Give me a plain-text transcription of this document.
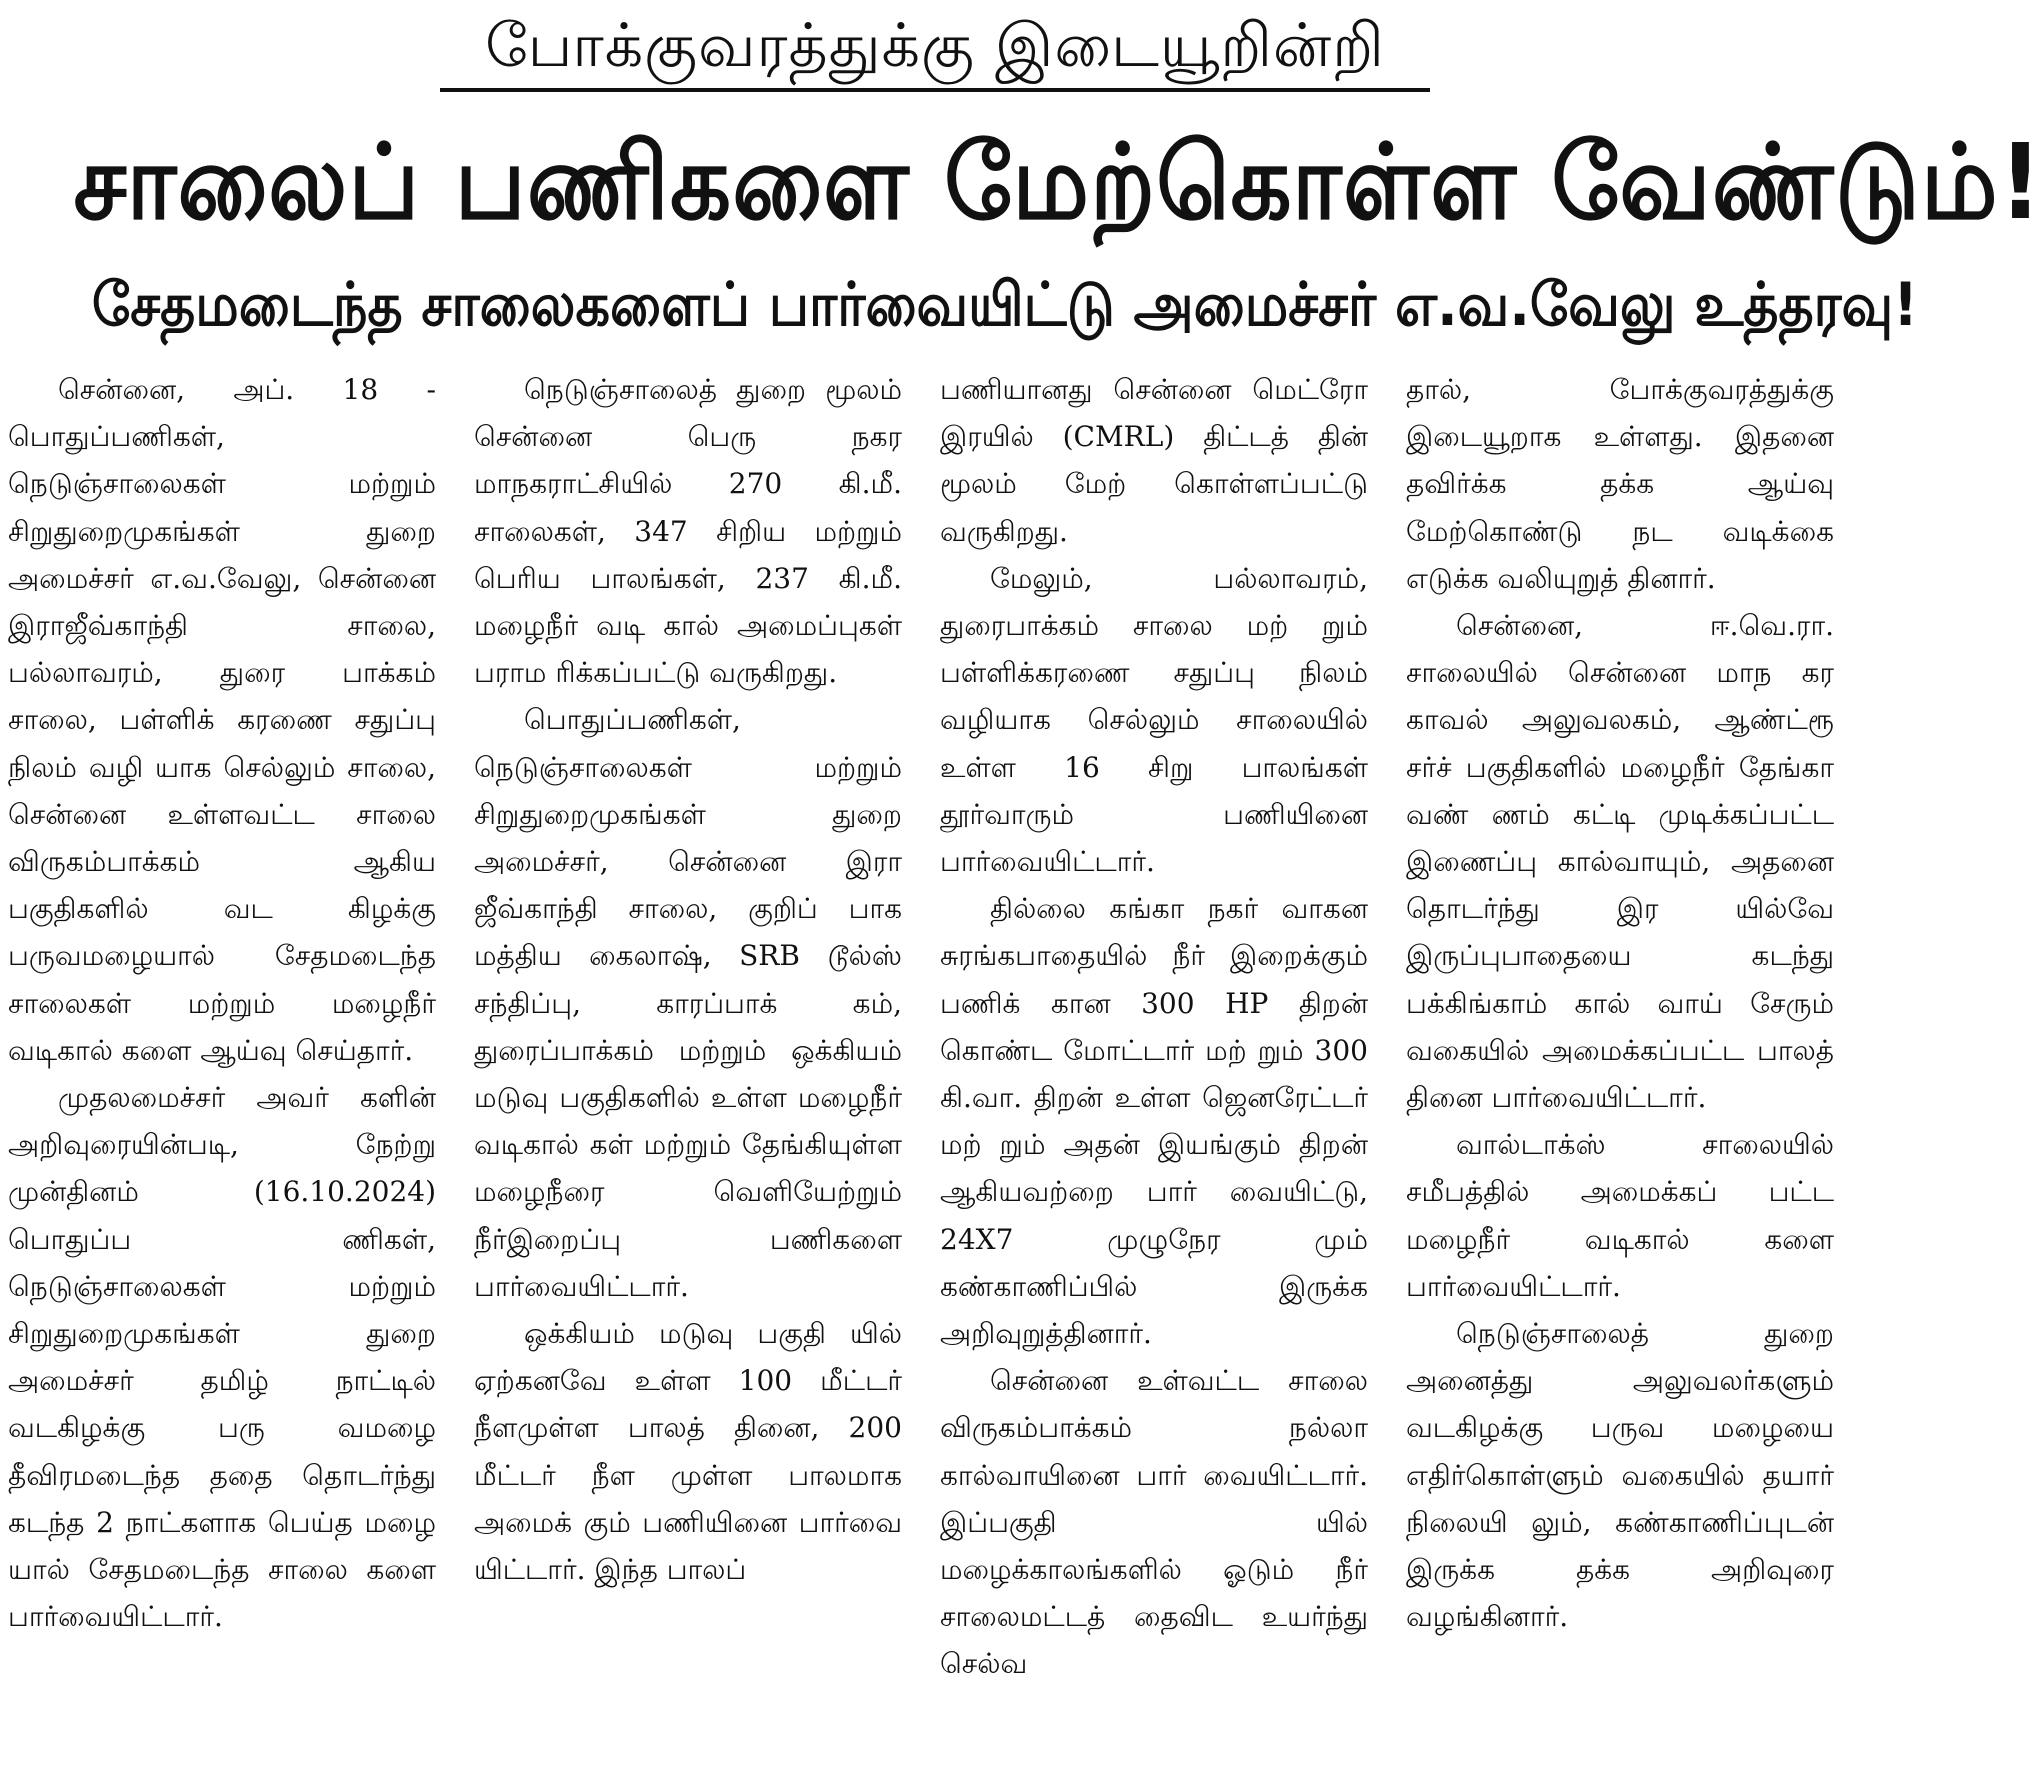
போக்குவரத்துக்கு இடையூறின்றி
சாலைப் பணிகளை மேற்கொள்ள வேண்டும்!
சேதமடைந்த சாலைகளைப் பார்வையிட்டு அமைச்சர் எ.வ.வேலு உத்தரவு!

சென்னை, அப். 18 - பொதுப்பணிகள், நெடுஞ்சாலைகள் மற்றும் சிறுதுறைமுகங்கள் துறை அமைச்சர் எ.வ.வேலு, சென்னை இராஜீவ்காந்தி சாலை, பல்லாவரம், துரை பாக்கம் சாலை, பள்ளிக் கரணை சதுப்பு நிலம் வழி யாக செல்லும் சாலை, சென்னை உள்ளவட்ட சாலை விருகம்பாக்கம் ஆகிய பகுதிகளில் வட கிழக்கு பருவமழையால் சேதமடைந்த சாலைகள் மற்றும் மழைநீர் வடிகால் களை ஆய்வு செய்தார்.

முதலமைச்சர் அவர் களின் அறிவுரையின்படி, நேற்று முன்தினம் (16.10.2024) பொதுப்ப ணிகள், நெடுஞ்சாலைகள் மற்றும் சிறுதுறைமுகங்கள் துறை அமைச்சர் தமிழ் நாட்டில் வடகிழக்கு பரு வமழை தீவிரமடைந்த ததை தொடர்ந்து கடந்த 2 நாட்களாக பெய்த மழை யால் சேதமடைந்த சாலை களை பார்வையிட்டார்.

நெடுஞ்சாலைத் துறை மூலம் சென்னை பெரு நகர மாநகராட்சியில் 270 கி.மீ. சாலைகள், 347 சிறிய மற்றும் பெரிய பாலங்கள், 237 கி.மீ. மழைநீர் வடி கால் அமைப்புகள் பராம ரிக்கப்பட்டு வருகிறது.

பொதுப்பணிகள், நெடுஞ்சாலைகள் மற்றும் சிறுதுறைமுகங்கள் துறை அமைச்சர், சென்னை இரா ஜீவ்காந்தி சாலை, குறிப் பாக மத்திய கைலாஷ், SRB டூல்ஸ் சந்திப்பு, காரப்பாக் கம், துரைப்பாக்கம் மற்றும் ஒக்கியம் மடுவு பகுதிகளில் உள்ள மழைநீர் வடிகால் கள் மற்றும் தேங்கியுள்ள மழைநீரை வெளியேற்றும் நீர்இறைப்பு பணிகளை பார்வையிட்டார்.

ஒக்கியம் மடுவு பகுதி யில் ஏற்கனவே உள்ள 100 மீட்டர் நீளமுள்ள பாலத் தினை, 200 மீட்டர் நீள முள்ள பாலமாக அமைக் கும் பணியினை பார்வை யிட்டார். இந்த பாலப்

பணியானது சென்னை மெட்ரோ இரயில் (CMRL) திட்டத் தின் மூலம் மேற் கொள்ளப்பட்டு வருகிறது.

மேலும், பல்லாவரம், துரைபாக்கம் சாலை மற் றும் பள்ளிக்கரணை சதுப்பு நிலம் வழியாக செல்லும் சாலையில் உள்ள 16 சிறு பாலங்கள் தூர்வாரும் பணியினை பார்வையிட்டார்.

தில்லை கங்கா நகர் வாகன சுரங்கபாதையில் நீர் இறைக்கும் பணிக் கான 300 HP திறன் கொண்ட மோட்டார் மற் றும் 300 கி.வா. திறன் உள்ள ஜெனரேட்டர் மற் றும் அதன் இயங்கும் திறன் ஆகியவற்றை பார் வையிட்டு, 24X7 முழுநேர மும் கண்காணிப்பில் இருக்க அறிவுறுத்தினார்.

சென்னை உள்வட்ட சாலை விருகம்பாக்கம் நல்லா கால்வாயினை பார் வையிட்டார். இப்பகுதி யில் மழைக்காலங்களில் ஓடும் நீர் சாலைமட்டத் தைவிட உயர்ந்து செல்வ

தால், போக்குவரத்துக்கு இடையூறாக உள்ளது. இதனை தவிர்க்க தக்க ஆய்வு மேற்கொண்டு நட வடிக்கை எடுக்க வலியுறுத் தினார்.

சென்னை, ஈ.வெ.ரா. சாலையில் சென்னை மாந கர காவல் அலுவலகம், ஆண்ட்ரூ சர்ச் பகுதிகளில் மழைநீர் தேங்கா வண் ணம் கட்டி முடிக்கப்பட்ட இணைப்பு கால்வாயும், அதனை தொடர்ந்து இர யில்வே இருப்புபாதையை கடந்து பக்கிங்காம் கால் வாய் சேரும் வகையில் அமைக்கப்பட்ட பாலத் தினை பார்வையிட்டார்.

வால்டாக்ஸ் சாலையில் சமீபத்தில் அமைக்கப் பட்ட மழைநீர் வடிகால் களை பார்வையிட்டார்.

நெடுஞ்சாலைத் துறை அனைத்து அலுவலர்களும் வடகிழக்கு பருவ மழையை எதிர்கொள்ளும் வகையில் தயார் நிலையி லும், கண்காணிப்புடன் இருக்க தக்க அறிவுரை வழங்கினார்.
